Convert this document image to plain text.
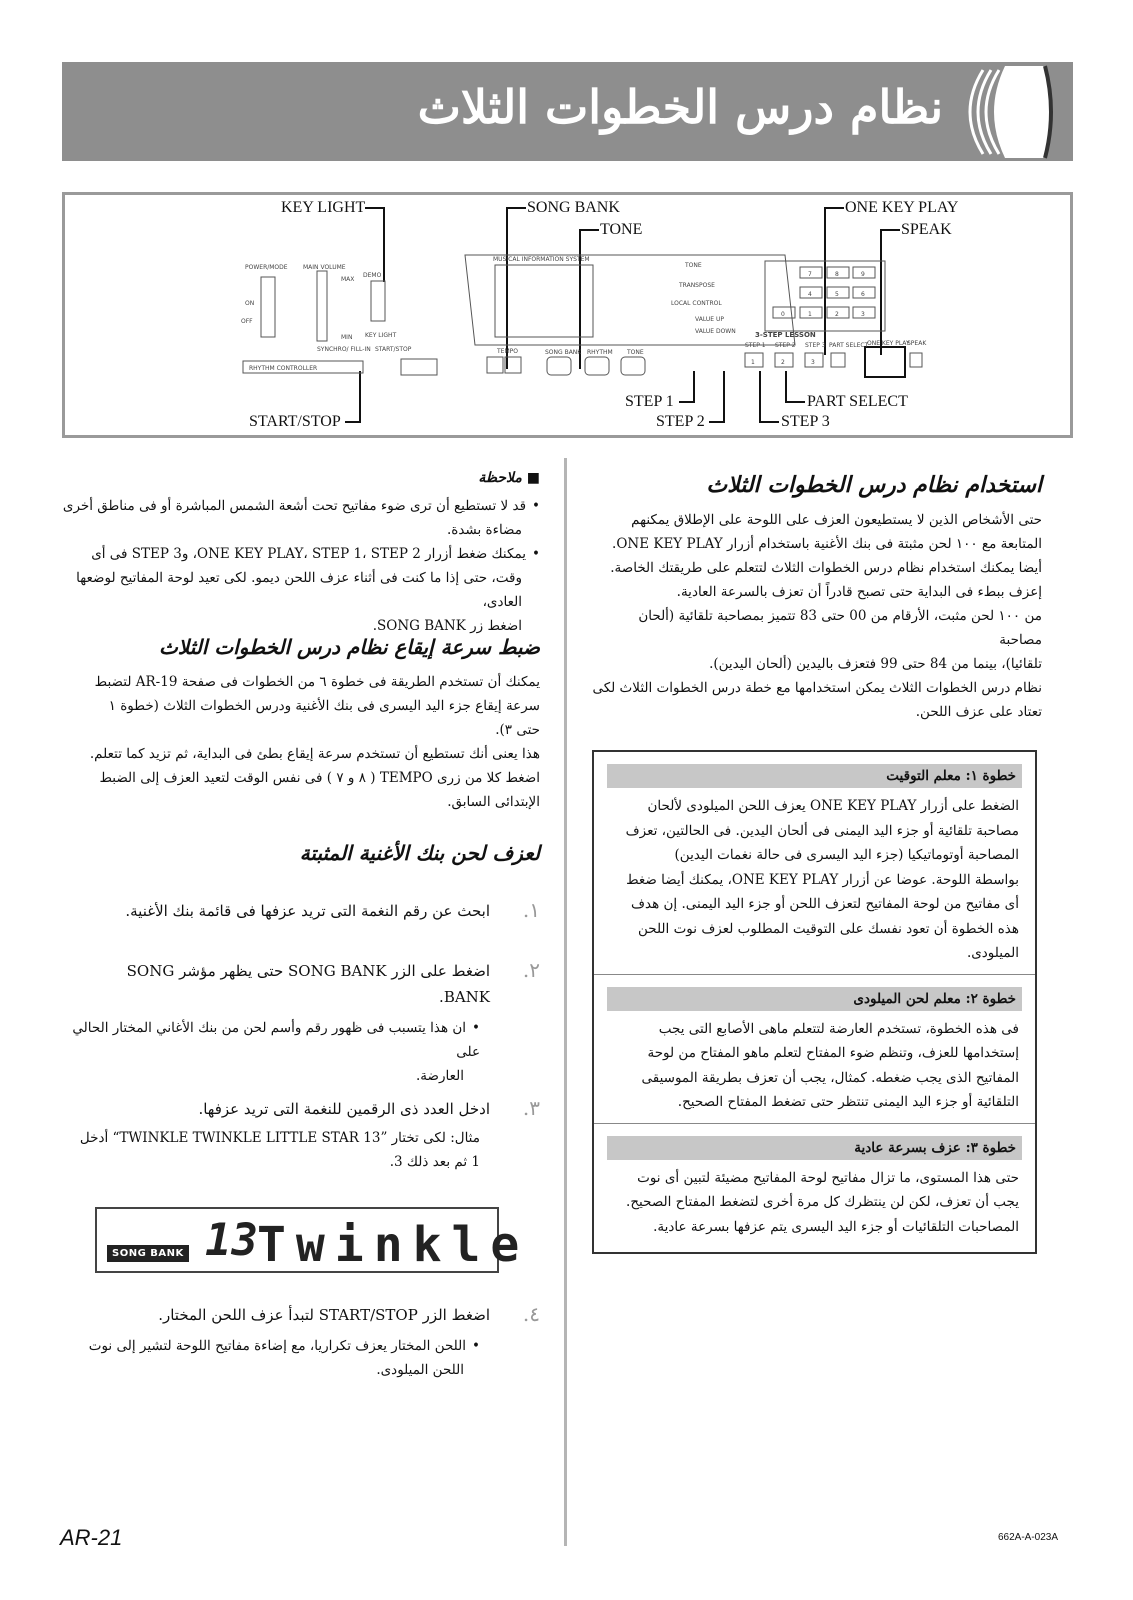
نظام درس الخطوات الثلاث
KEY LIGHT	SONG BANK
TONE
ONE KEY PLAY
SPEAK
START/STOP
STEP 1
STEP 2
PART SELECT
STEP 3
POWER/MODE	MAIN VOLUME
DEMO
MAX
MIN KEY LIGHT
ON
OFF
SYNCHRO/ FILL-IN START/STOP
RHYTHM CONTROLLER
TEMPO
MUSICAL INFORMATION SYSTEM
SONG BANK RHYTHM TONE
TONE
TRANSPOSE
LOCAL CONTROL
VALUE UP
VALUE DOWN	3-STEP LESSON
STEP 1 STEP 2 STEP 3 PART SELECT
ONE KEY PLAY
SPEAK
7	8	9
4	5	6
0	1	2	3
1	2	3
استخدام نظام درس الخطوات الثلاث
حتى الأشخاص الذين لا يستطيعون العزف على اللوحة على الإطلاق يمكنهم
المتابعة مع ١٠٠ لحن مثبتة فى بنك الأغنية باستخدام أزرار ONE KEY PLAY.
أيضا يمكنك استخدام نظام درس الخطوات الثلاث لتتعلم على طريقتك الخاصة.
إعزف ببطء فى البداية حتى تصبح قادراً أن تعزف بالسرعة العادية.
من ١٠٠ لحن مثبت، الأرقام من 00 حتى 83 تتميز بمصاحبة تلقائية (ألحان مصاحبة
تلقائيا)، بينما من 84 حتى 99 فتعزف باليدين (ألحان اليدين).
نظام درس الخطوات الثلاث يمكن استخدامها مع خطة درس الخطوات الثلاث لكى
تعتاد على عزف اللحن.
خطوة ١: معلم التوقيت
الضغط على أزرار ONE KEY PLAY يعزف اللحن الميلودى لألحان
مصاحبة تلقائية أو جزء اليد اليمنى فى ألحان اليدين. فى الحالتين، تعزف
المصاحبة أوتوماتيكيا (جزء اليد اليسرى فى حالة نغمات اليدين)
بواسطة اللوحة. عوضا عن أزرار ONE KEY PLAY، يمكنك أيضا ضغط
أى مفاتيح من لوحة المفاتيح لتعزف اللحن أو جزء اليد اليمنى. إن هدف
هذه الخطوة أن تعود نفسك على التوقيت المطلوب لعزف نوت اللحن
الميلودى.
خطوة ٢: معلم لحن الميلودى
فى هذه الخطوة، تستخدم العارضة لتتعلم ماهى الأصابع التى يجب
إستخدامها للعزف، وتنظم ضوء المفتاح لتعلم ماهو المفتاح من لوحة
المفاتيح الذى يجب ضغطه. كمثال، يجب أن تعزف بطريقة الموسيقى
التلقائية أو جزء اليد اليمنى تنتظر حتى تضغط المفتاح الصحيح.
خطوة ٣: عزف بسرعة عادية
حتى هذا المستوى، ما تزال مفاتيح لوحة المفاتيح مضيئة لتبين أى نوت
يجب أن تعزف، لكن لن ينتظرك كل مرة أخرى لتضغط المفتاح الصحيح.
المصاحبات التلقائيات أو جزء اليد اليسرى يتم عزفها بسرعة عادية.
■ ملاحظة
• قد لا تستطيع أن ترى ضوء مفاتيح تحت أشعة الشمس المباشرة أو فى مناطق أخرى
مضاءة بشدة.
• يمكنك ضغط أزرار ONE KEY PLAY، STEP 1، STEP 2، وSTEP 3 فى أى
وقت، حتى إذا ما كنت فى أثناء عزف اللحن ديمو. لكى تعيد لوحة المفاتيح لوضعها العادى،
اضغط زر SONG BANK.
ضبط سرعة إيقاع نظام درس الخطوات الثلاث
يمكنك أن تستخدم الطريقة فى خطوة ٦ من الخطوات فى صفحة AR-19 لتضبط
سرعة إيقاع جزء اليد اليسرى فى بنك الأغنية ودرس الخطوات الثلاث (خطوة ١
حتى ٣).
هذا يعنى أنك تستطيع أن تستخدم سرعة إيقاع بطئ فى البداية، ثم تزيد كما تتعلم.
اضغط كلا من زرى TEMPO ( ٨ و ٧ ) فى نفس الوقت لتعيد العزف إلى الضبط
الإبتدائى السابق.
لعزف لحن بنك الأغنية المثبتة
١.
ابحث عن رقم النغمة التى تريد عزفها فى قائمة بنك الأغنية.
٢.
اضغط على الزر SONG BANK حتى يظهر مؤشر SONG
BANK.
• ان هذا يتسبب فى ظهور رقم وأسم لحن من بنك الأغاني المختار الحالي على
العارضة.
٣.
ادخل العدد ذى الرقمين للنغمة التى تريد عزفها.
مثال: لكى تختار ”13 TWINKLE TWINKLE LITTLE STAR“ أدخل
1 ثم بعد ذلك 3.
SONG BANK 13 Twinkle
٤.
اضغط الزر START/STOP لتبدأ عزف اللحن المختار.
• اللحن المختار يعزف تكراريا، مع إضاءة مفاتيح اللوحة لتشير إلى نوت
اللحن الميلودى.
AR-21	662A-A-023A
